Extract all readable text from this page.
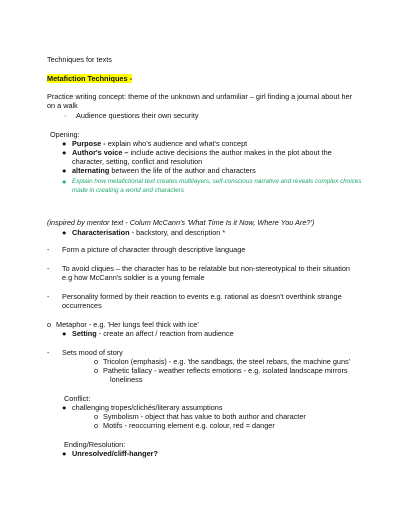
Techniques for texts
Metafiction Techniques -
Practice writing concept: theme of the unknown and unfamiliar – girl finding a journal about her
on a walk
· Audience questions their own security
Opening:
● Purpose - explain who's audience and what's concept
● Author's voice – include active decisions the author makes in the plot about the
character, setting, conflict and resolution
● alternating between the life of the author and characters
● Explain how metafictional text creates multilayers, self-conscious narrative and reveals complex choices
made in creating a world and characters
(inspired by mentor text - Colum McCann's 'What Time Is it Now, Where You Are?')
● Characterisation - backstory, and description *
- Form a picture of character through descriptive language
- To avoid cliques – the character has to be relatable but non-stereotypical to their situation
e.g how McCann's soldier is a young female
- Personality formed by their reaction to events e.g. rational as doesn't overthink strange
occurrences
o Metaphor - e.g. 'Her lungs feel thick with ice'
● Setting - create an affect / reaction from audience
- Sets mood of story
o Tricolon (emphasis) - e.g. 'the sandbags, the steel rebars, the machine guns'
o Pathetic fallacy - weather reflects emotions - e.g. isolated landscape mirrors
loneliness
Conflict:
● challenging tropes/clichés/literary assumptions
o Symbolism - object that has value to both author and character
o Motifs - reoccurring element e.g. colour, red = danger
Ending/Resolution:
● Unresolved/cliff-hanger?
